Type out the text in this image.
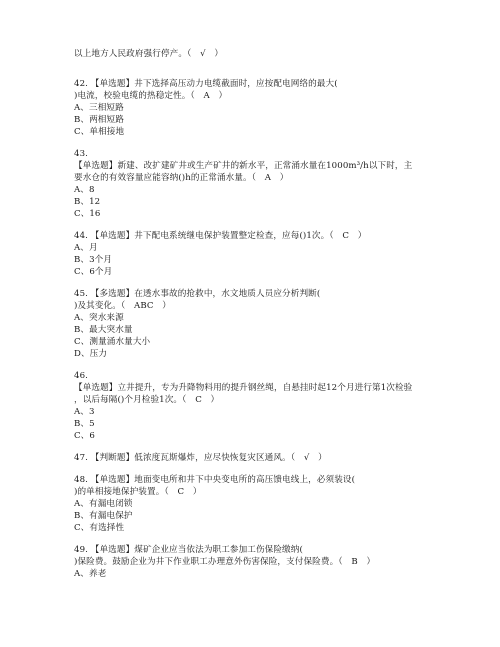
以上地方人民政府强行停产。（　√　）
42. 【单选题】井下选择高压动力电缆截面时，应按配电网络的最大(
)电流，校验电缆的热稳定性。（　A　）
A、三相短路
B、两相短路
C、单相接地
43.
【单选题】新建、改扩建矿井或生产矿井的新水平，正常涌水量在1000m³/h以下时，主
要水仓的有效容量应能容纳()h的正常涌水量。（　A　）
A、8
B、12
C、16
44. 【单选题】井下配电系统继电保护装置整定检查，应每()1次。（　C　）
A、月
B、3个月
C、6个月
45. 【多选题】在透水事故的抢救中，水文地质人员应分析判断(
)及其变化。（　ABC　）
A、突水来源
B、最大突水量
C、测量涌水量大小
D、压力
46.
【单选题】立井提升，专为升降物料用的提升钢丝绳，自悬挂时起12个月进行第1次检验
，以后每隔()个月检验1次。（　C　）
A、3
B、5
C、6
47. 【判断题】低浓度瓦斯爆炸，应尽快恢复灾区通风。（　√　）
48. 【单选题】地面变电所和井下中央变电所的高压馈电线上，必须装设(
)的单相接地保护装置。（　C　）
A、有漏电闭锁
B、有漏电保护
C、有选择性
49. 【单选题】煤矿企业应当依法为职工参加工伤保险缴纳(
)保险费。鼓励企业为井下作业职工办理意外伤害保险，支付保险费。（　B　）
A、养老
